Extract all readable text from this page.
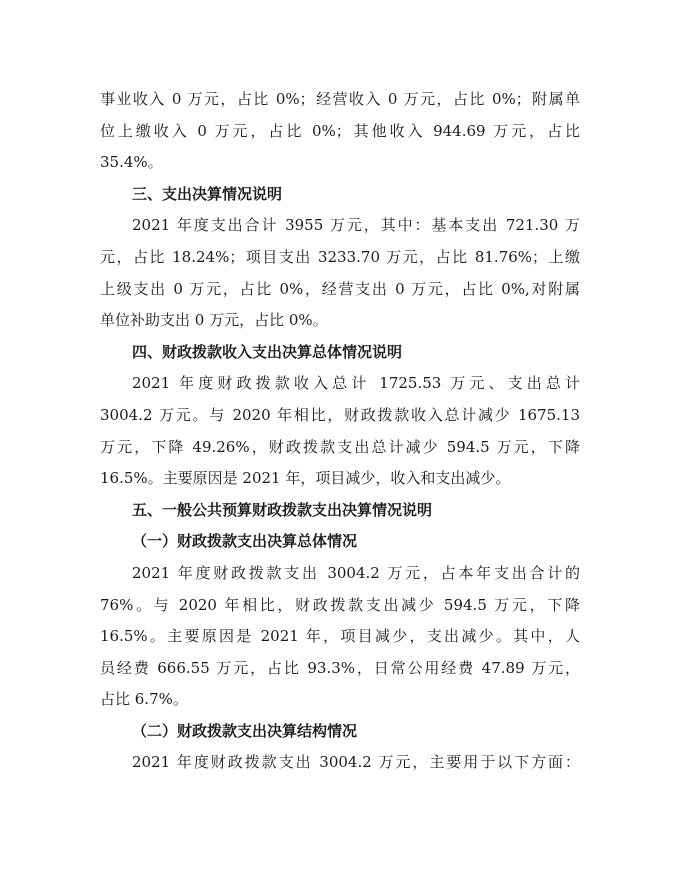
事业收入 0 万元，占比 0%；经营收入 0 万元，占比 0%；附属单
位上缴收入 0 万元，占比 0%；其他收入 944.69 万元，占比
35.4%。
三、支出决算情况说明
2021 年度支出合计 3955 万元，其中：基本支出 721.30 万
元，占比 18.24%；项目支出 3233.70 万元，占比 81.76%；上缴
上级支出 0 万元，占比 0%，经营支出 0 万元，占比 0%,对附属
单位补助支出 0 万元，占比 0%。
四、财政拨款收入支出决算总体情况说明
2021 年度财政拨款收入总计 1725.53 万元、支出总计
3004.2 万元。与 2020 年相比，财政拨款收入总计减少 1675.13
万元，下降 49.26%，财政拨款支出总计减少 594.5 万元，下降
16.5%。主要原因是 2021 年，项目减少，收入和支出减少。
五、一般公共预算财政拨款支出决算情况说明
（一）财政拨款支出决算总体情况
2021 年度财政拨款支出 3004.2 万元，占本年支出合计的
76%。与 2020 年相比，财政拨款支出减少 594.5 万元，下降
16.5%。主要原因是 2021 年，项目减少，支出减少。其中，人
员经费 666.55 万元，占比 93.3%，日常公用经费 47.89 万元，
占比 6.7%。
（二）财政拨款支出决算结构情况
2021 年度财政拨款支出 3004.2 万元，主要用于以下方面：
